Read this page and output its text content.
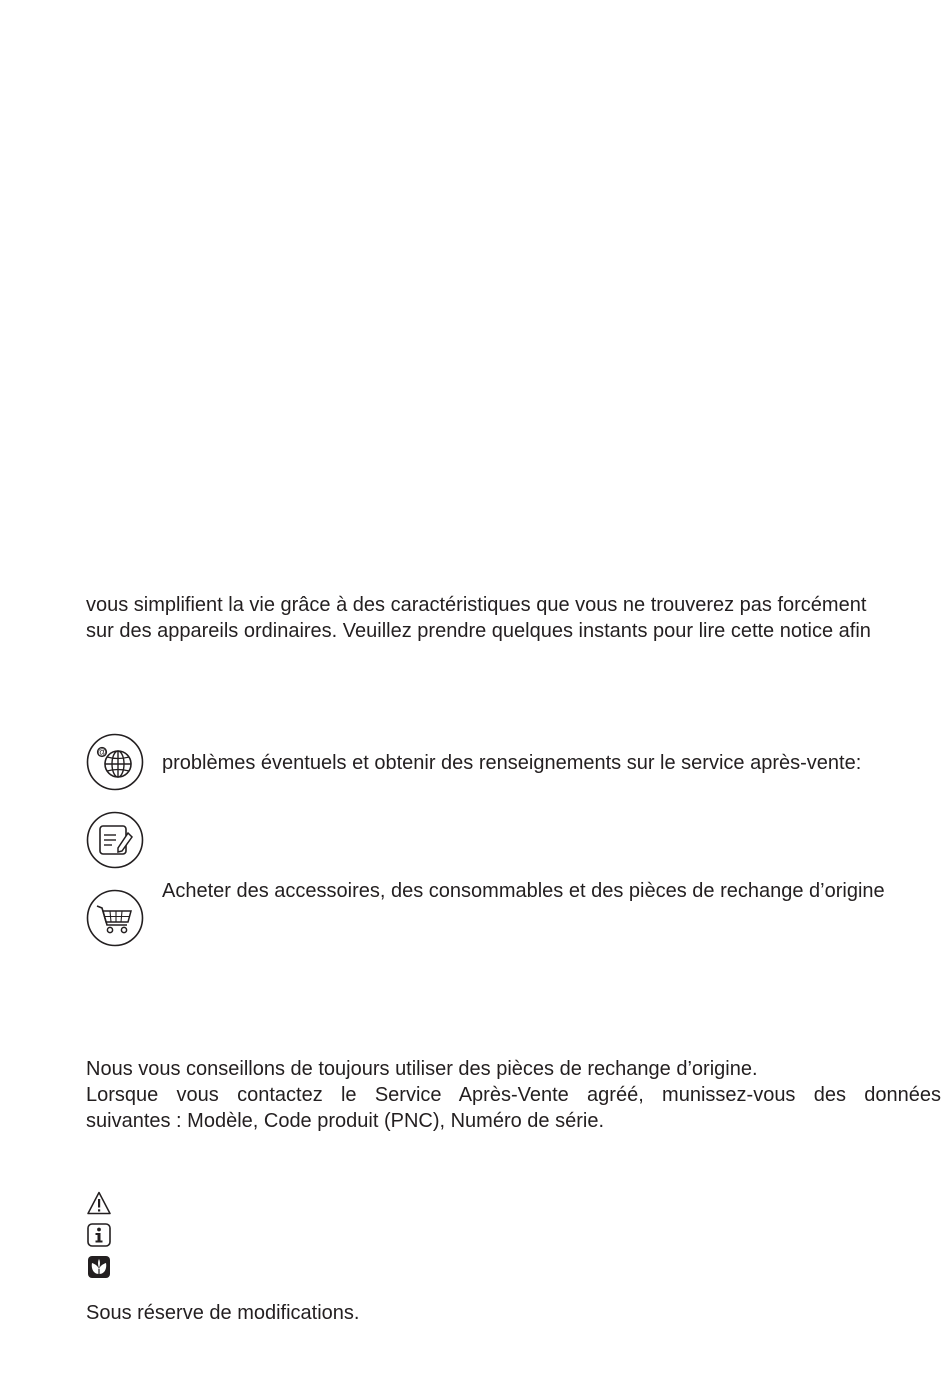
vous simplifient la vie grâce à des caractéristiques que vous ne trouverez pas forcément

sur des appareils ordinaires. Veuillez prendre quelques instants pour lire cette notice afin

@	problèmes éventuels et obtenir des renseignements sur le service après-vente:

Acheter des accessoires, des consommables et des pièces de rechange d’origine

Nous vous conseillons de toujours utiliser des pièces de rechange d’origine.

Lorsque vous contactez le Service Après-Vente agréé, munissez-vous des données

suivantes : Modèle, Code produit (PNC), Numéro de série.

Sous réserve de modifications.
